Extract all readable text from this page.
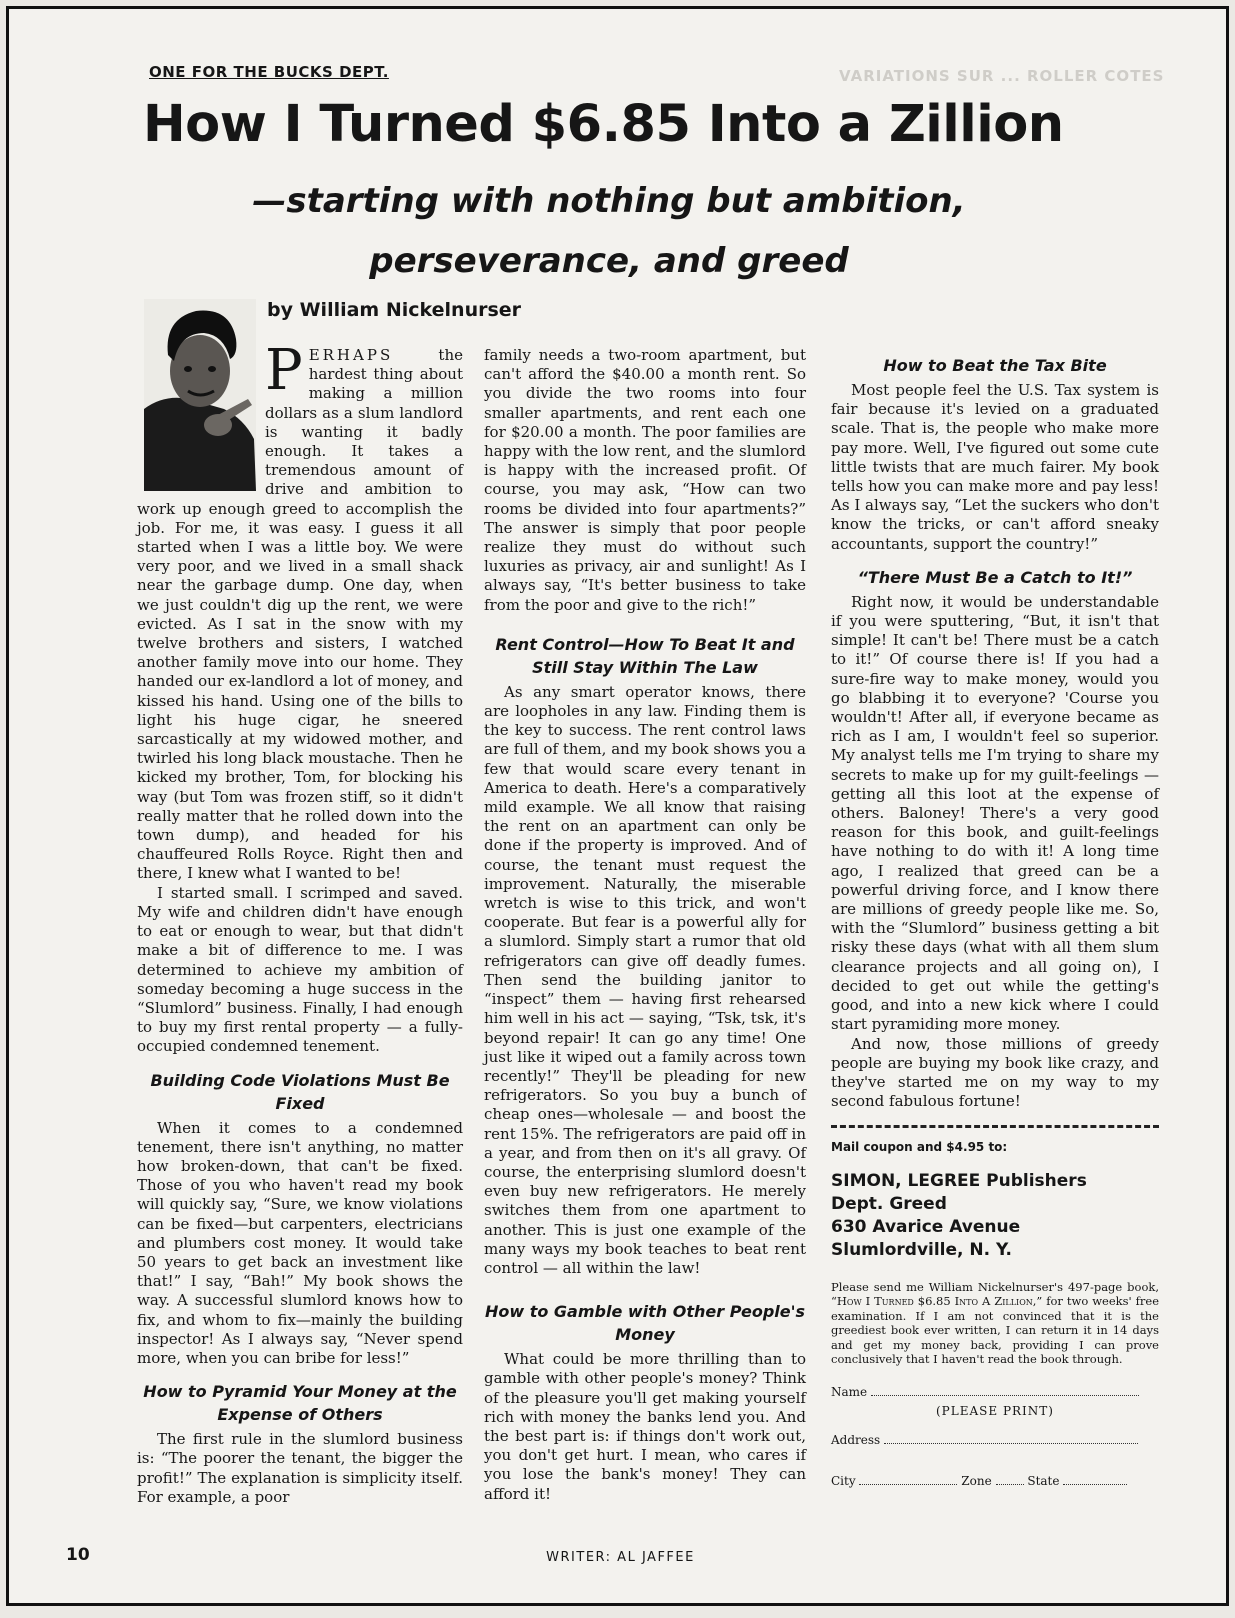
ONE FOR THE BUCKS DEPT.	VARIATIONS SUR ... ROLLER COTES
How I Turned $6.85 Into a Zillion
—starting with nothing but ambition, perseverance, and greed
by William Nickelnurser

PERHAPS the hardest thing about making a million dollars as a slum landlord is wanting it badly enough. It takes a tremendous amount of drive and ambition to work up enough greed to accomplish the job. For me, it was easy. I guess it all started when I was a little boy. We were very poor, and we lived in a small shack near the garbage dump. One day, when we just couldn't dig up the rent, we were evicted. As I sat in the snow with my twelve brothers and sisters, I watched another family move into our home. They handed our ex-landlord a lot of money, and kissed his hand. Using one of the bills to light his huge cigar, he sneered sarcastically at my widowed mother, and twirled his long black moustache. Then he kicked my brother, Tom, for blocking his way (but Tom was frozen stiff, so it didn't really matter that he rolled down into the town dump), and headed for his chauffeured Rolls Royce. Right then and there, I knew what I wanted to be!

I started small. I scrimped and saved. My wife and children didn't have enough to eat or enough to wear, but that didn't make a bit of difference to me. I was determined to achieve my ambition of someday becoming a huge success in the “Slumlord” business. Finally, I had enough to buy my first rental property — a fully-occupied condemned tenement.

Building Code Violations Must Be Fixed

When it comes to a condemned tenement, there isn't anything, no matter how broken-down, that can't be fixed. Those of you who haven't read my book will quickly say, “Sure, we know violations can be fixed—but carpenters, electricians and plumbers cost money. It would take 50 years to get back an investment like that!” I say, “Bah!” My book shows the way. A successful slumlord knows how to fix, and whom to fix—mainly the building inspector! As I always say, “Never spend more, when you can bribe for less!”

How to Pyramid Your Money at the Expense of Others

The first rule in the slumlord business is: “The poorer the tenant, the bigger the profit!” The explanation is simplicity itself. For example, a poor

family needs a two-room apartment, but can't afford the $40.00 a month rent. So you divide the two rooms into four smaller apartments, and rent each one for $20.00 a month. The poor families are happy with the low rent, and the slumlord is happy with the increased profit. Of course, you may ask, “How can two rooms be divided into four apartments?” The answer is simply that poor people realize they must do without such luxuries as privacy, air and sunlight! As I always say, “It's better business to take from the poor and give to the rich!”

Rent Control—How To Beat It and Still Stay Within The Law

As any smart operator knows, there are loopholes in any law. Finding them is the key to success. The rent control laws are full of them, and my book shows you a few that would scare every tenant in America to death. Here's a comparatively mild example. We all know that raising the rent on an apartment can only be done if the property is improved. And of course, the tenant must request the improvement. Naturally, the miserable wretch is wise to this trick, and won't cooperate. But fear is a powerful ally for a slumlord. Simply start a rumor that old refrigerators can give off deadly fumes. Then send the building janitor to “inspect” them — having first rehearsed him well in his act — saying, “Tsk, tsk, it's beyond repair! It can go any time! One just like it wiped out a family across town recently!” They'll be pleading for new refrigerators. So you buy a bunch of cheap ones—wholesale — and boost the rent 15%. The refrigerators are paid off in a year, and from then on it's all gravy. Of course, the enterprising slumlord doesn't even buy new refrigerators. He merely switches them from one apartment to another. This is just one example of the many ways my book teaches to beat rent control — all within the law!

How to Gamble with Other People's Money

What could be more thrilling than to gamble with other people's money? Think of the pleasure you'll get making yourself rich with money the banks lend you. And the best part is: if things don't work out, you don't get hurt. I mean, who cares if you lose the bank's money! They can afford it!

How to Beat the Tax Bite

Most people feel the U.S. Tax system is fair because it's levied on a graduated scale. That is, the people who make more pay more. Well, I've figured out some cute little twists that are much fairer. My book tells how you can make more and pay less! As I always say, “Let the suckers who don't know the tricks, or can't afford sneaky accountants, support the country!”

“There Must Be a Catch to It!”

Right now, it would be understandable if you were sputtering, “But, it isn't that simple! It can't be! There must be a catch to it!” Of course there is! If you had a sure-fire way to make money, would you go blabbing it to everyone? 'Course you wouldn't! After all, if everyone became as rich as I am, I wouldn't feel so superior. My analyst tells me I'm trying to share my secrets to make up for my guilt-feelings — getting all this loot at the expense of others. Baloney! There's a very good reason for this book, and guilt-feelings have nothing to do with it! A long time ago, I realized that greed can be a powerful driving force, and I know there are millions of greedy people like me. So, with the “Slumlord” business getting a bit risky these days (what with all them slum clearance projects and all going on), I decided to get out while the getting's good, and into a new kick where I could start pyramiding more money.

And now, those millions of greedy people are buying my book like crazy, and they've started me on my way to my second fabulous fortune!

Mail coupon and $4.95 to:
SIMON, LEGREE Publishers
Dept. Greed
630 Avarice Avenue
Slumlordville, N. Y.
Please send me William Nickelnurser's 497-page book, “How I Turned $6.85 Into A Zillion,” for two weeks' free examination. If I am not convinced that it is the greediest book ever written, I can return it in 14 days and get my money back, providing I can prove conclusively that I haven't read the book through.
Name
(PLEASE PRINT)
Address
City	Zone	State
10	WRITER: AL JAFFEE
